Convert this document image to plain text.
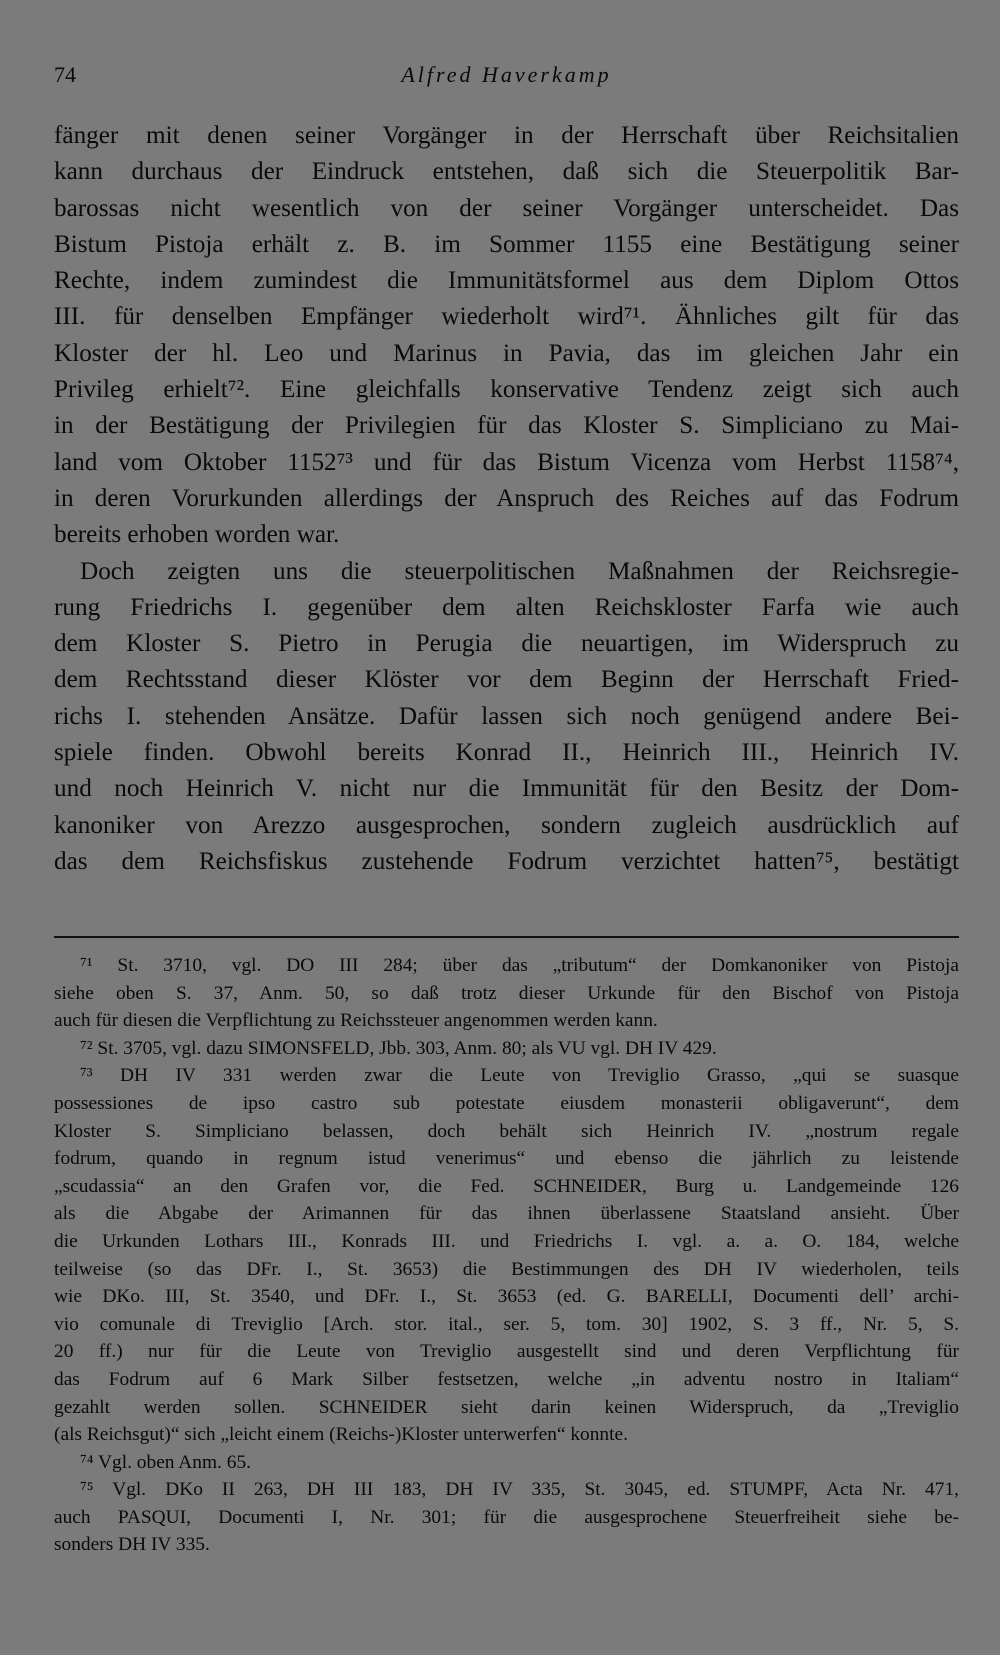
74	Alfred Haverkamp
fänger mit denen seiner Vorgänger in der Herrschaft über Reichsitalien
kann durchaus der Eindruck entstehen, daß sich die Steuerpolitik Bar-
barossas nicht wesentlich von der seiner Vorgänger unterscheidet. Das
Bistum Pistoja erhält z. B. im Sommer 1155 eine Bestätigung seiner
Rechte, indem zumindest die Immunitätsformel aus dem Diplom Ottos
III. für denselben Empfänger wiederholt wird⁷¹. Ähnliches gilt für das
Kloster der hl. Leo und Marinus in Pavia, das im gleichen Jahr ein
Privileg erhielt⁷². Eine gleichfalls konservative Tendenz zeigt sich auch
in der Bestätigung der Privilegien für das Kloster S. Simpliciano zu Mai-
land vom Oktober 1152⁷³ und für das Bistum Vicenza vom Herbst 1158⁷⁴,
in deren Vorurkunden allerdings der Anspruch des Reiches auf das Fodrum
bereits erhoben worden war.
Doch zeigten uns die steuerpolitischen Maßnahmen der Reichsregie-
rung Friedrichs I. gegenüber dem alten Reichskloster Farfa wie auch
dem Kloster S. Pietro in Perugia die neuartigen, im Widerspruch zu
dem Rechtsstand dieser Klöster vor dem Beginn der Herrschaft Fried-
richs I. stehenden Ansätze. Dafür lassen sich noch genügend andere Bei-
spiele finden. Obwohl bereits Konrad II., Heinrich III., Heinrich IV.
und noch Heinrich V. nicht nur die Immunität für den Besitz der Dom-
kanoniker von Arezzo ausgesprochen, sondern zugleich ausdrücklich auf
das dem Reichsfiskus zustehende Fodrum verzichtet hatten⁷⁵, bestätigt
⁷¹ St. 3710, vgl. DO III 284; über das „tributum“ der Domkanoniker von Pistoja
siehe oben S. 37, Anm. 50, so daß trotz dieser Urkunde für den Bischof von Pistoja
auch für diesen die Verpflichtung zu Reichssteuer angenommen werden kann.
⁷² St. 3705, vgl. dazu SIMONSFELD, Jbb. 303, Anm. 80; als VU vgl. DH IV 429.
⁷³ DH IV 331 werden zwar die Leute von Treviglio Grasso, „qui se suasque
possessiones de ipso castro sub potestate eiusdem monasterii obligaverunt“, dem
Kloster S. Simpliciano belassen, doch behält sich Heinrich IV. „nostrum regale
fodrum, quando in regnum istud venerimus“ und ebenso die jährlich zu leistende
„scudassia“ an den Grafen vor, die Fed. SCHNEIDER, Burg u. Landgemeinde 126
als die Abgabe der Arimannen für das ihnen überlassene Staatsland ansieht. Über
die Urkunden Lothars III., Konrads III. und Friedrichs I. vgl. a. a. O. 184, welche
teilweise (so das DFr. I., St. 3653) die Bestimmungen des DH IV wiederholen, teils
wie DKo. III, St. 3540, und DFr. I., St. 3653 (ed. G. BARELLI, Documenti dell’ archi-
vio comunale di Treviglio [Arch. stor. ital., ser. 5, tom. 30] 1902, S. 3 ff., Nr. 5, S.
20 ff.) nur für die Leute von Treviglio ausgestellt sind und deren Verpflichtung für
das Fodrum auf 6 Mark Silber festsetzen, welche „in adventu nostro in Italiam“
gezahlt werden sollen. SCHNEIDER sieht darin keinen Widerspruch, da „Treviglio
(als Reichsgut)“ sich „leicht einem (Reichs-)Kloster unterwerfen“ konnte.
⁷⁴ Vgl. oben Anm. 65.
⁷⁵ Vgl. DKo II 263, DH III 183, DH IV 335, St. 3045, ed. STUMPF, Acta Nr. 471,
auch PASQUI, Documenti I, Nr. 301; für die ausgesprochene Steuerfreiheit siehe be-
sonders DH IV 335.
